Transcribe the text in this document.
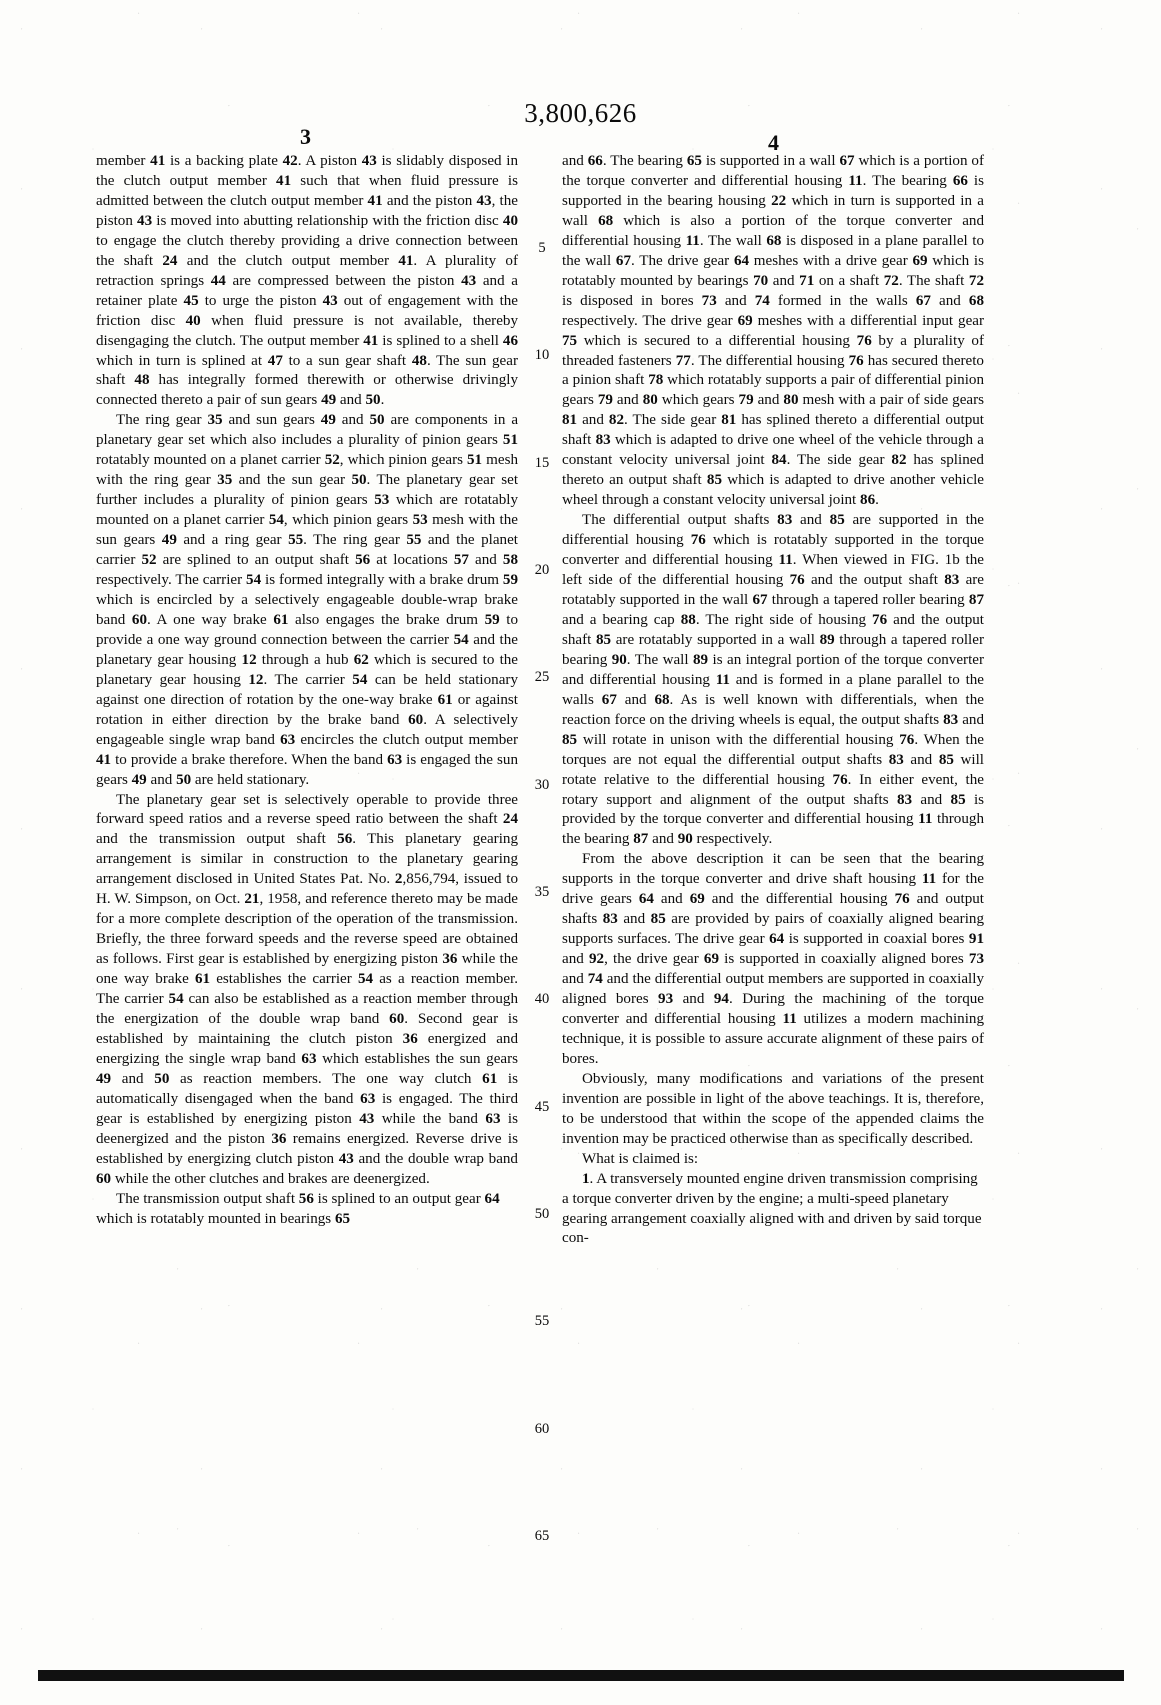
3,800,626
3	4
5
10
15
20
25
30
35
40
45
50
55
60
65

member 41 is a backing plate 42. A piston 43 is slidably disposed in the clutch output member 41 such that when fluid pressure is admitted between the clutch output member 41 and the piston 43, the piston 43 is moved into abutting relationship with the friction disc 40 to engage the clutch thereby providing a drive connection between the shaft 24 and the clutch output member 41. A plurality of retraction springs 44 are compressed between the piston 43 and a retainer plate 45 to urge the piston 43 out of engagement with the friction disc 40 when fluid pressure is not available, thereby disengaging the clutch. The output member 41 is splined to a shell 46 which in turn is splined at 47 to a sun gear shaft 48. The sun gear shaft 48 has integrally formed therewith or otherwise drivingly connected thereto a pair of sun gears 49 and 50.

The ring gear 35 and sun gears 49 and 50 are components in a planetary gear set which also includes a plurality of pinion gears 51 rotatably mounted on a planet carrier 52, which pinion gears 51 mesh with the ring gear 35 and the sun gear 50. The planetary gear set further includes a plurality of pinion gears 53 which are rotatably mounted on a planet carrier 54, which pinion gears 53 mesh with the sun gears 49 and a ring gear 55. The ring gear 55 and the planet carrier 52 are splined to an output shaft 56 at locations 57 and 58 respectively. The carrier 54 is formed integrally with a brake drum 59 which is encircled by a selectively engageable double-wrap brake band 60. A one way brake 61 also engages the brake drum 59 to provide a one way ground connection between the carrier 54 and the planetary gear housing 12 through a hub 62 which is secured to the planetary gear housing 12. The carrier 54 can be held stationary against one direction of rotation by the one-way brake 61 or against rotation in either direction by the brake band 60. A selectively engageable single wrap band 63 encircles the clutch output member 41 to provide a brake therefore. When the band 63 is engaged the sun gears 49 and 50 are held stationary.

The planetary gear set is selectively operable to provide three forward speed ratios and a reverse speed ratio between the shaft 24 and the transmission output shaft 56. This planetary gearing arrangement is similar in construction to the planetary gearing arrangement disclosed in United States Pat. No. 2,856,794, issued to H. W. Simpson, on Oct. 21, 1958, and reference thereto may be made for a more complete description of the operation of the transmission. Briefly, the three forward speeds and the reverse speed are obtained as follows. First gear is established by energizing piston 36 while the one way brake 61 establishes the carrier 54 as a reaction member. The carrier 54 can also be established as a reaction member through the energization of the double wrap band 60. Second gear is established by maintaining the clutch piston 36 energized and energizing the single wrap band 63 which establishes the sun gears 49 and 50 as reaction members. The one way clutch 61 is automatically disengaged when the band 63 is engaged. The third gear is established by energizing piston 43 while the band 63 is deenergized and the piston 36 remains energized. Reverse drive is established by energizing clutch piston 43 and the double wrap band 60 while the other clutches and brakes are deenergized.

The transmission output shaft 56 is splined to an output gear 64 which is rotatably mounted in bearings 65

and 66. The bearing 65 is supported in a wall 67 which is a portion of the torque converter and differential housing 11. The bearing 66 is supported in the bearing housing 22 which in turn is supported in a wall 68 which is also a portion of the torque converter and differential housing 11. The wall 68 is disposed in a plane parallel to the wall 67. The drive gear 64 meshes with a drive gear 69 which is rotatably mounted by bearings 70 and 71 on a shaft 72. The shaft 72 is disposed in bores 73 and 74 formed in the walls 67 and 68 respectively. The drive gear 69 meshes with a differential input gear 75 which is secured to a differential housing 76 by a plurality of threaded fasteners 77. The differential housing 76 has secured thereto a pinion shaft 78 which rotatably supports a pair of differential pinion gears 79 and 80 which gears 79 and 80 mesh with a pair of side gears 81 and 82. The side gear 81 has splined thereto a differential output shaft 83 which is adapted to drive one wheel of the vehicle through a constant velocity universal joint 84. The side gear 82 has splined thereto an output shaft 85 which is adapted to drive another vehicle wheel through a constant velocity universal joint 86.

The differential output shafts 83 and 85 are supported in the differential housing 76 which is rotatably supported in the torque converter and differential housing 11. When viewed in FIG. 1b the left side of the differential housing 76 and the output shaft 83 are rotatably supported in the wall 67 through a tapered roller bearing 87 and a bearing cap 88. The right side of housing 76 and the output shaft 85 are rotatably supported in a wall 89 through a tapered roller bearing 90. The wall 89 is an integral portion of the torque converter and differential housing 11 and is formed in a plane parallel to the walls 67 and 68. As is well known with differentials, when the reaction force on the driving wheels is equal, the output shafts 83 and 85 will rotate in unison with the differential housing 76. When the torques are not equal the differential output shafts 83 and 85 will rotate relative to the differential housing 76. In either event, the rotary support and alignment of the output shafts 83 and 85 is provided by the torque converter and differential housing 11 through the bearing 87 and 90 respectively.

From the above description it can be seen that the bearing supports in the torque converter and drive shaft housing 11 for the drive gears 64 and 69 and the differential housing 76 and output shafts 83 and 85 are provided by pairs of coaxially aligned bearing supports surfaces. The drive gear 64 is supported in coaxial bores 91 and 92, the drive gear 69 is supported in coaxially aligned bores 73 and 74 and the differential output members are supported in coaxially aligned bores 93 and 94. During the machining of the torque converter and differential housing 11 utilizes a modern machining technique, it is possible to assure accurate alignment of these pairs of bores.

Obviously, many modifications and variations of the present invention are possible in light of the above teachings. It is, therefore, to be understood that within the scope of the appended claims the invention may be practiced otherwise than as specifically described.

What is claimed is:

1. A transversely mounted engine driven transmission comprising a torque converter driven by the engine; a multi-speed planetary gearing arrangement coaxially aligned with and driven by said torque con-
